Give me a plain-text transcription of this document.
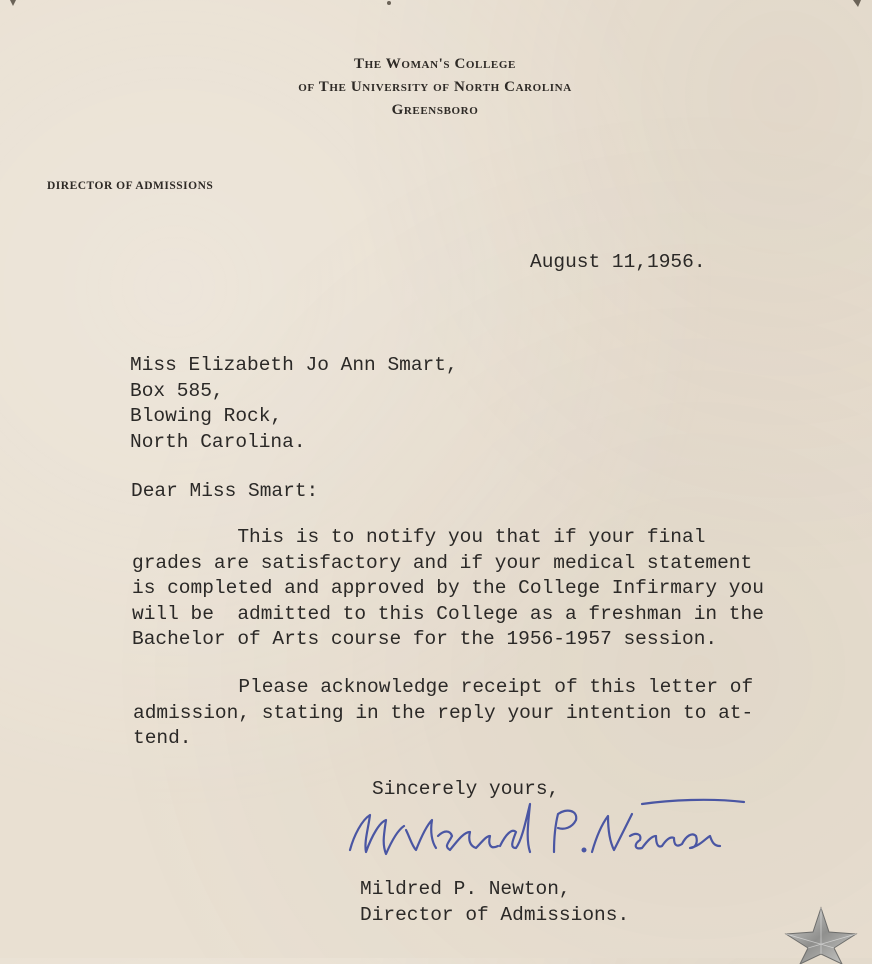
The Woman's College
of The University of North Carolina
Greensboro
DIRECTOR OF ADMISSIONS
August 11,1956.
Miss Elizabeth Jo Ann Smart,
Box 585,
Blowing Rock,
North Carolina.
Dear Miss Smart:
This is to notify you that if your final
grades are satisfactory and if your medical statement
is completed and approved by the College Infirmary you
will be  admitted to this College as a freshman in the
Bachelor of Arts course for the 1956-1957 session.
Please acknowledge receipt of this letter of
admission, stating in the reply your intention to at-
tend.
Sincerely yours,
Mildred P. Newton,
Director of Admissions.
